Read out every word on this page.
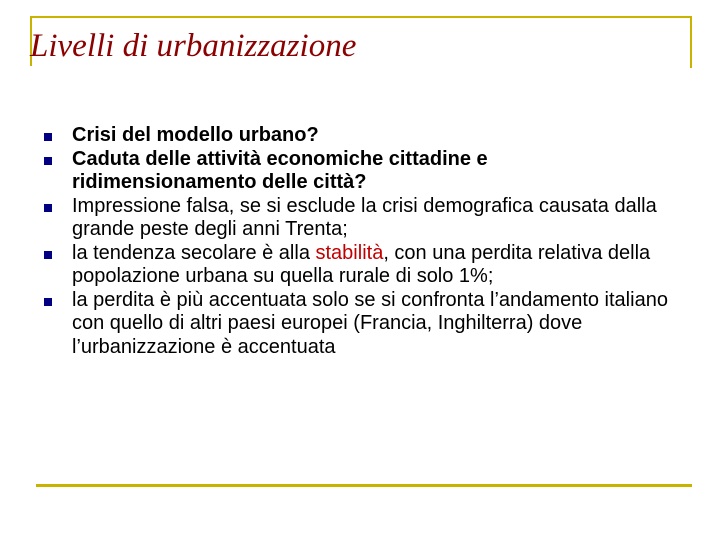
Livelli di urbanizzazione
Crisi del modello urbano?
Caduta delle attività economiche cittadine e ridimensionamento delle città?
Impressione falsa, se si esclude la crisi demografica causata dalla grande peste degli anni Trenta;
la tendenza secolare è alla stabilità, con una perdita relativa della popolazione urbana su quella rurale di solo 1%;
la perdita è più accentuata solo se si confronta l’andamento italiano con quello di altri paesi europei (Francia, Inghilterra) dove l’urbanizzazione è accentuata
